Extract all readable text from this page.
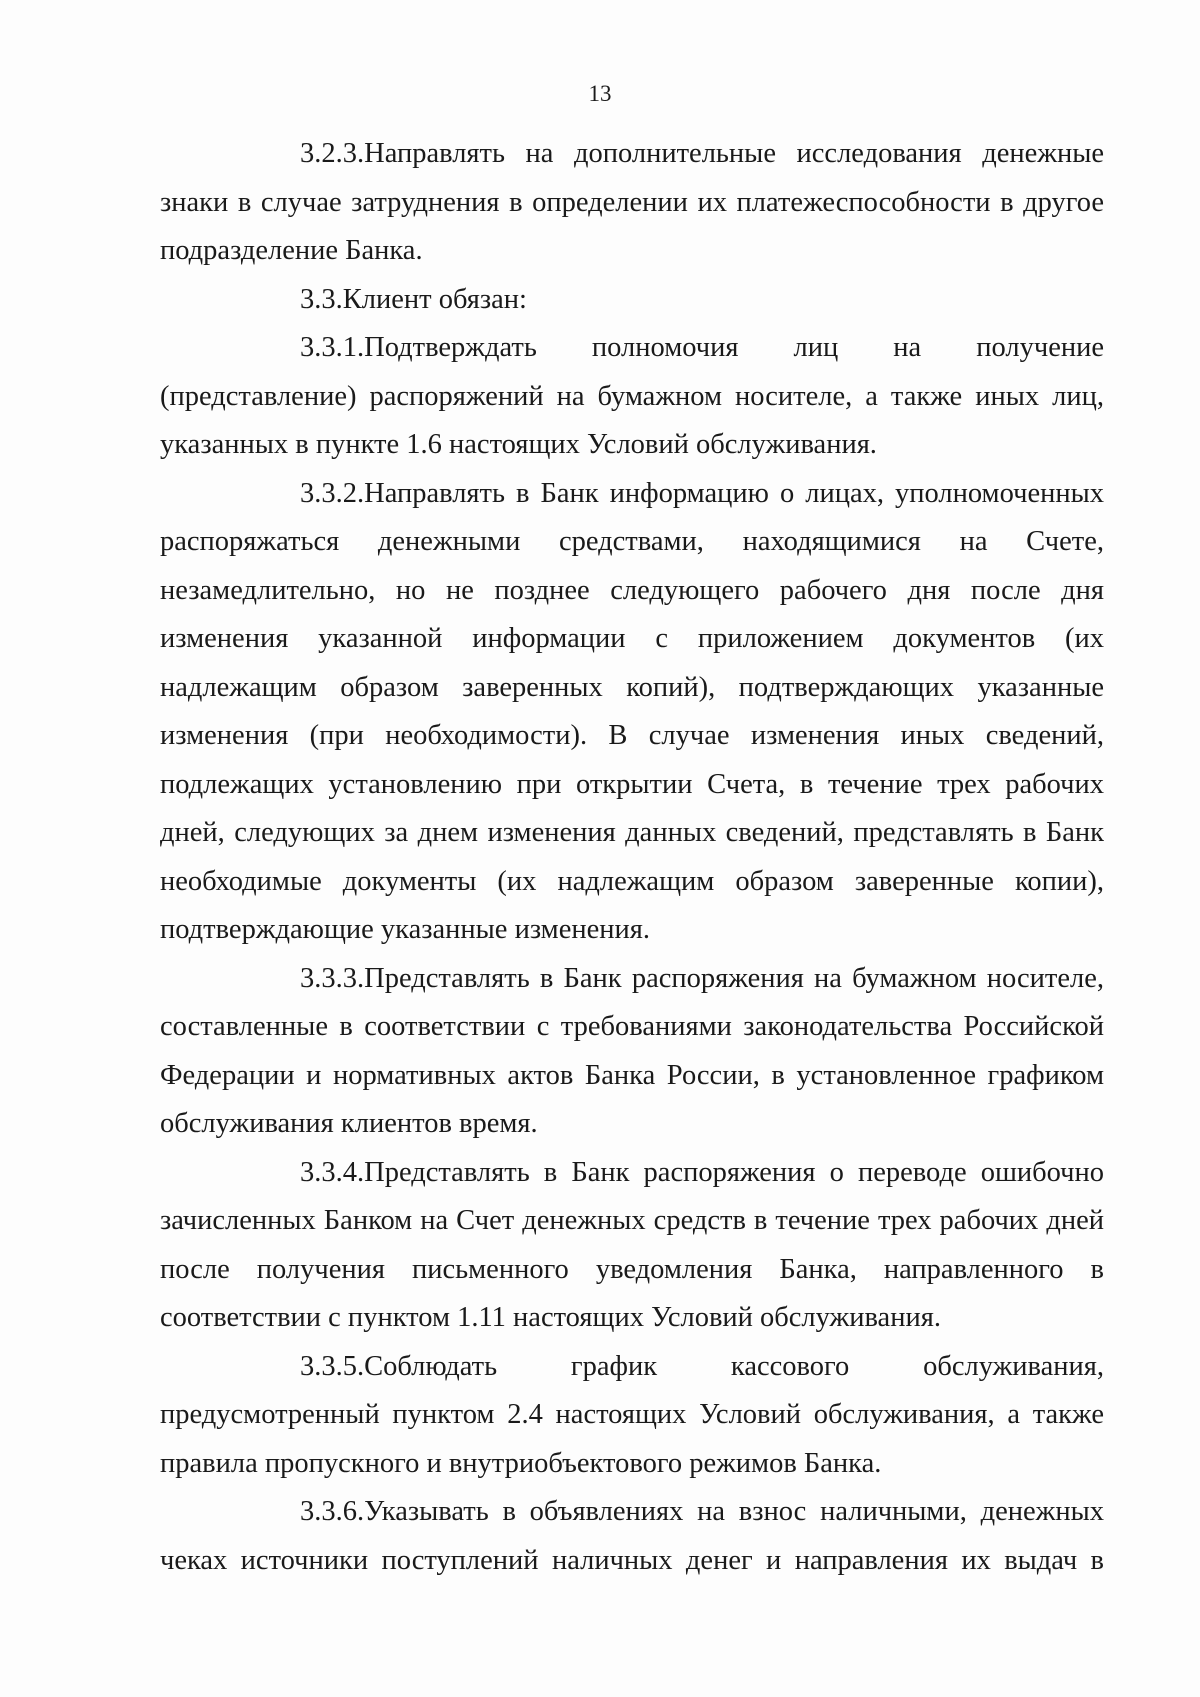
13

3.2.3.Направлять на дополнительные исследования денежные знаки в случае затруднения в определении их платежеспособности в другое подразделение Банка.

3.3.Клиент обязан:

3.3.1.Подтверждать полномочия лиц на получение (представление) распоряжений на бумажном носителе, а также иных лиц, указанных в пункте 1.6 настоящих Условий обслуживания.

3.3.2.Направлять в Банк информацию о лицах, уполномоченных распоряжаться денежными средствами, находящимися на Счете, незамедлительно, но не позднее следующего рабочего дня после дня изменения указанной информации с приложением документов (их надлежащим образом заверенных копий), подтверждающих указанные изменения (при необходимости). В случае изменения иных сведений, подлежащих установлению при открытии Счета, в течение трех рабочих дней, следующих за днем изменения данных сведений, представлять в Банк необходимые документы (их надлежащим образом заверенные копии), подтверждающие указанные изменения.

3.3.3.Представлять в Банк распоряжения на бумажном носителе, составленные в соответствии с требованиями законодательства Российской Федерации и нормативных актов Банка России, в установленное графиком обслуживания клиентов время.

3.3.4.Представлять в Банк распоряжения о переводе ошибочно зачисленных Банком на Счет денежных средств в течение трех рабочих дней после получения письменного уведомления Банка, направленного в соответствии с пунктом 1.11 настоящих Условий обслуживания.

3.3.5.Соблюдать график кассового обслуживания, предусмотренный пунктом 2.4 настоящих Условий обслуживания, а также правила пропускного и внутриобъектового режимов Банка.

3.3.6.Указывать в объявлениях на взнос наличными, денежных чеках источники поступлений наличных денег и направления их выдач в
